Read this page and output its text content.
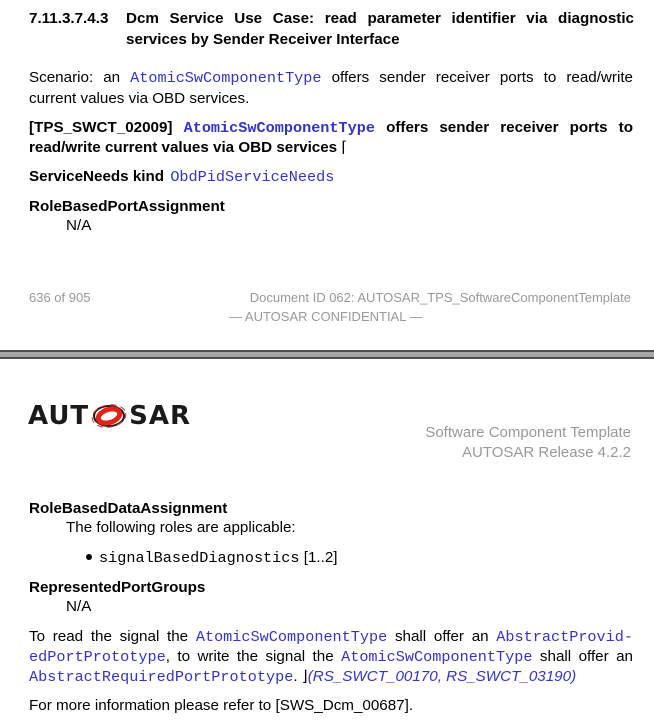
7.11.3.7.4.3 Dcm Service Use Case: read parameter identifier via diagnostic
services by Sender Receiver Interface
Scenario: an AtomicSwComponentType offers sender receiver ports to read/write
current values via OBD services.
[TPS_SWCT_02009] AtomicSwComponentType offers sender receiver ports to
read/write current values via OBD services ⌈
ServiceNeeds kind ObdPidServiceNeeds
RoleBasedPortAssignment
N/A
636 of 905	Document ID 062: AUTOSAR_TPS_SoftwareComponentTemplate
— AUTOSAR CONFIDENTIAL —
AUT SAR
Software Component Template
AUTOSAR Release 4.2.2
RoleBasedDataAssignment
The following roles are applicable:
signalBasedDiagnostics [1..2]
RepresentedPortGroups
N/A
To read the signal the AtomicSwComponentType shall offer an AbstractProvid-
edPortPrototype, to write the signal the AtomicSwComponentType shall offer an
AbstractRequiredPortPrototype. ⌋(RS_SWCT_00170, RS_SWCT_03190)
For more information please refer to [SWS_Dcm_00687].
